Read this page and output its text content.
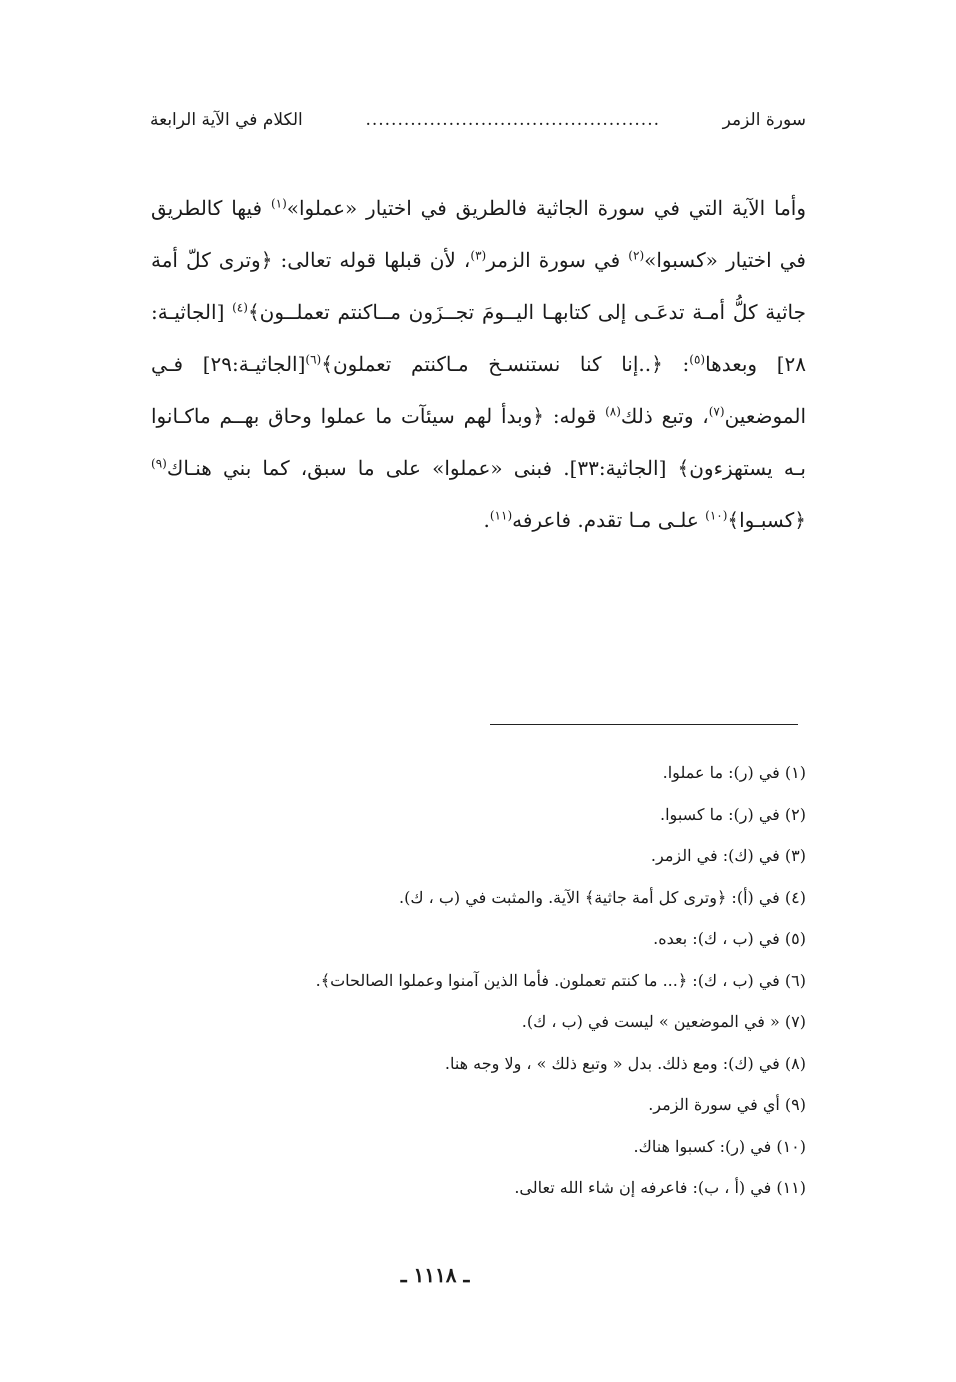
سورة الزمر
..............................................
الكلام في الآية الرابعة

وأما الآية التي في سورة الجاثية فالطريق في اختيار «عملوا»$^{(١)}$ فيها كالطريق في اختيار «كسبوا»$^{(٢)}$ في سورة الزمر$^{(٣)}$، لأن قبلها قوله تعالى: ﴿وترى كلّ أمة جاثية كلُّ أمـة تدعَـى إلى كتابهـا اليــومَ تجــزَون مــاكنتم تعملــون﴾$^{(٤)}$ [الجاثيـة: ٢٨] وبعدها$^{(٥)}$: ﴿..إنا كنا نستنسـخ مـاكنتم تعملون﴾$^{(٦)}$[الجاثيـة:٢٩] فـي الموضعين$^{(٧)}$، وتبع ذلك$^{(٨)}$ قوله: ﴿وبدأ لهم سيئآت ما عملوا وحاق بهــم ماكـانوا بـه يستهزءون﴾ [الجاثية:٣٣]. فبنى «عملوا» على ما سبق، كما بني هنـاك$^{(٩)}$ ﴿كسبـوا﴾$^{(١٠)}$ علـى مـا تقدم. فاعرفه$^{(١١)}$.

(١) في (ر): ما عملوا.
(٢) في (ر): ما كسبوا.
(٣) في (ك): في الزمر.
(٤) في (أ): ﴿وترى كل أمة جاثية﴾ الآية. والمثبت في (ب ، ك).
(٥) في (ب ، ك): بعده.
(٦) في (ب ، ك): ﴿... ما كنتم تعملون. فأما الذين آمنوا وعملوا الصالحات﴾.
(٧) « في الموضعين » ليست في (ب ، ك).
(٨) في (ك): ومع ذلك. بدل « وتبع ذلك » ، ولا وجه هنا.
(٩) أي في سورة الزمر.
(١٠) في (ر): كسبوا هناك.
(١١) في (أ ، ب): فاعرفه إن شاء الله تعالى.
ـ ١١١٨ ـ
